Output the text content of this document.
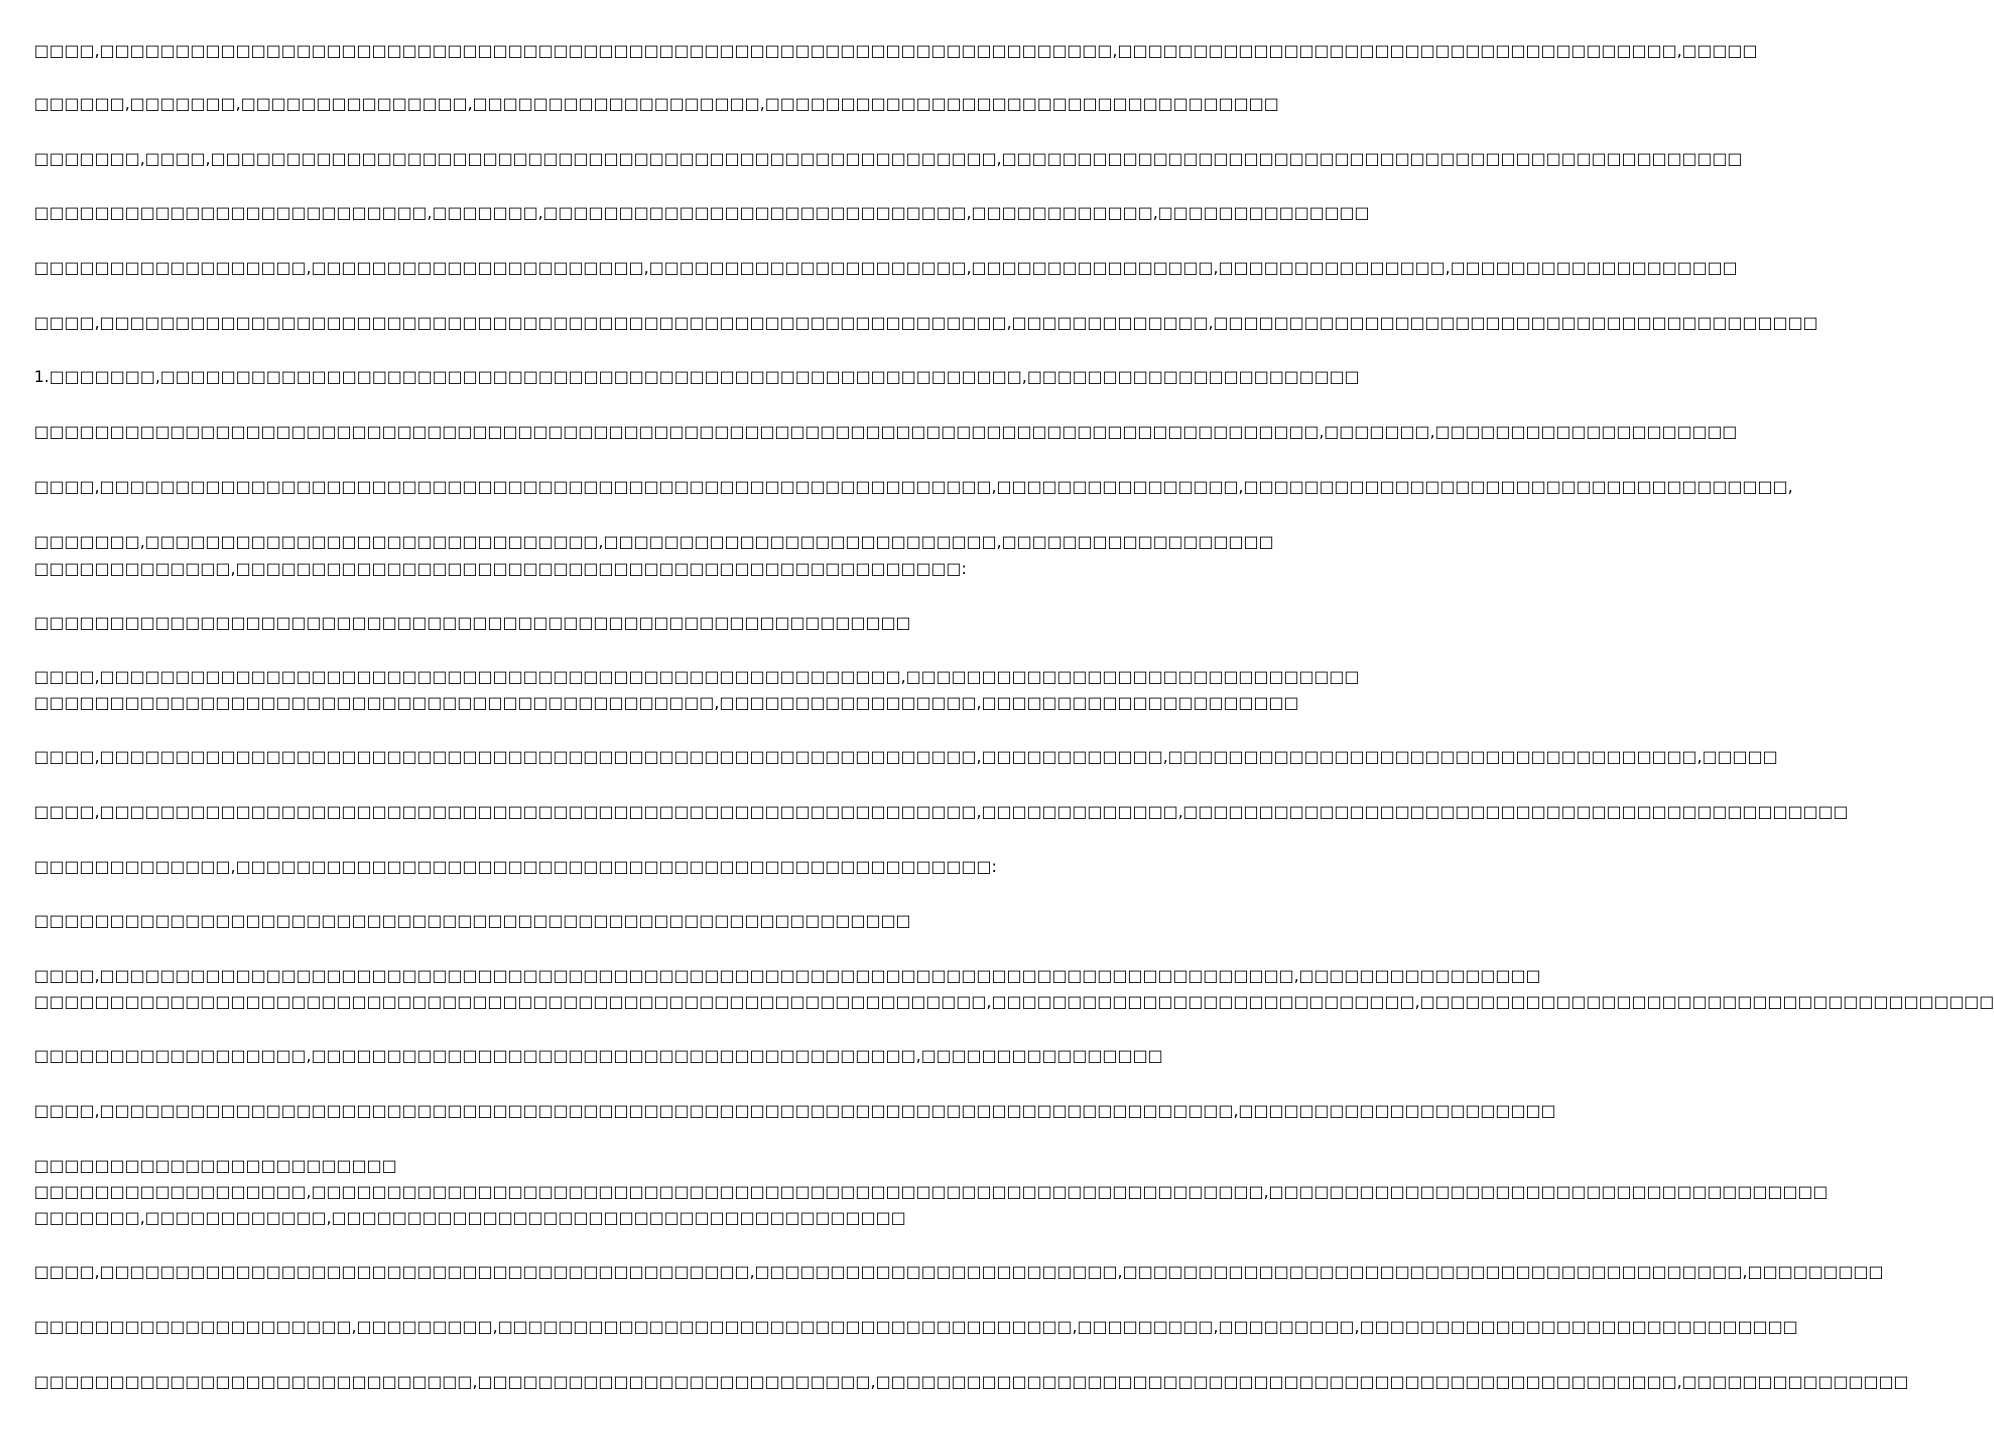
□□□□,□□□□□□□□□□□□□□□□□□□□□□□□□□□□□□□□□□□□□□□□□□□□□□□□□□□□□□□□□□□□□□□□□□□,□□□□□□□□□□□□□□□□□□□□□□□□□□□□□□□□□□□□□,□□□□□
□□□□□□,□□□□□□□,□□□□□□□□□□□□□□□,□□□□□□□□□□□□□□□□□□□,□□□□□□□□□□□□□□□□□□□□□□□□□□□□□□□□□□
□□□□□□□,□□□□,□□□□□□□□□□□□□□□□□□□□□□□□□□□□□□□□□□□□□□□□□□□□□□□□□□□□,□□□□□□□□□□□□□□□□□□□□□□□□□□□□□□□□□□□□□□□□□□□□□□□□□
□□□□□□□□□□□□□□□□□□□□□□□□□□,□□□□□□□,□□□□□□□□□□□□□□□□□□□□□□□□□□□□,□□□□□□□□□□□□,□□□□□□□□□□□□□□
□□□□□□□□□□□□□□□□□□,□□□□□□□□□□□□□□□□□□□□□□,□□□□□□□□□□□□□□□□□□□□□,□□□□□□□□□□□□□□□□,□□□□□□□□□□□□□□□,□□□□□□□□□□□□□□□□□□□
□□□□,□□□□□□□□□□□□□□□□□□□□□□□□□□□□□□□□□□□□□□□□□□□□□□□□□□□□□□□□□□□□,□□□□□□□□□□□□□,□□□□□□□□□□□□□□□□□□□□□□□□□□□□□□□□□□□□□□□□
1.□□□□□□□,□□□□□□□□□□□□□□□□□□□□□□□□□□□□□□□□□□□□□□□□□□□□□□□□□□□□□□□□□,□□□□□□□□□□□□□□□□□□□□□□
□□□□□□□□□□□□□□□□□□□□□□□□□□□□□□□□□□□□□□□□□□□□□□□□□□□□□□□□□□□□□□□□□□□□□□□□□□□□□□□□□□□□□,□□□□□□□,□□□□□□□□□□□□□□□□□□□□
□□□□,□□□□□□□□□□□□□□□□□□□□□□□□□□□□□□□□□□□□□□□□□□□□□□□□□□□□□□□□□□□,□□□□□□□□□□□□□□□□,□□□□□□□□□□□□□□□□□□□□□□□□□□□□□□□□□□□□,
□□□□□□□,□□□□□□□□□□□□□□□□□□□□□□□□□□□□□□,□□□□□□□□□□□□□□□□□□□□□□□□□□,□□□□□□□□□□□□□□□□□□
□□□□□□□□□□□□□,□□□□□□□□□□□□□□□□□□□□□□□□□□□□□□□□□□□□□□□□□□□□□□□□:
□□□□□□□□□□□□□□□□□□□□□□□□□□□□□□□□□□□□□□□□□□□□□□□□□□□□□□□□□□
□□□□,□□□□□□□□□□□□□□□□□□□□□□□□□□□□□□□□□□□□□□□□□□□□□□□□□□□□□,□□□□□□□□□□□□□□□□□□□□□□□□□□□□□□
□□□□□□□□□□□□□□□□□□□□□□□□□□□□□□□□□□□□□□□□□□□□□,□□□□□□□□□□□□□□□□□,□□□□□□□□□□□□□□□□□□□□□
□□□□,□□□□□□□□□□□□□□□□□□□□□□□□□□□□□□□□□□□□□□□□□□□□□□□□□□□□□□□□□□,□□□□□□□□□□□□,□□□□□□□□□□□□□□□□□□□□□□□□□□□□□□□□□□□,□□□□□
□□□□,□□□□□□□□□□□□□□□□□□□□□□□□□□□□□□□□□□□□□□□□□□□□□□□□□□□□□□□□□□,□□□□□□□□□□□□□,□□□□□□□□□□□□□□□□□□□□□□□□□□□□□□□□□□□□□□□□□□□□
□□□□□□□□□□□□□,□□□□□□□□□□□□□□□□□□□□□□□□□□□□□□□□□□□□□□□□□□□□□□□□□□:
□□□□□□□□□□□□□□□□□□□□□□□□□□□□□□□□□□□□□□□□□□□□□□□□□□□□□□□□□□
□□□□,□□□□□□□□□□□□□□□□□□□□□□□□□□□□□□□□□□□□□□□□□□□□□□□□□□□□□□□□□□□□□□□□□□□□□□□□□□□□□□□,□□□□□□□□□□□□□□□□
□□□□□□□□□□□□□□□□□□□□□□□□□□□□□□□□□□□□□□□□□□□□□□□□□□□□□□□□□□□□□□□,□□□□□□□□□□□□□□□□□□□□□□□□□□□□,□□□□□□□□□□□□□□□□□□□□□□□□□□□□□□□□□□□□□□
□□□□□□□□□□□□□□□□□□,□□□□□□□□□□□□□□□□□□□□□□□□□□□□□□□□□□□□□□□□,□□□□□□□□□□□□□□□□
□□□□,□□□□□□□□□□□□□□□□□□□□□□□□□□□□□□□□□□□□□□□□□□□□□□□□□□□□□□□□□□□□□□□□□□□□□□□□□□□,□□□□□□□□□□□□□□□□□□□□□
□□□□□□□□□□□□□□□□□□□□□□□□
□□□□□□□□□□□□□□□□□□,□□□□□□□□□□□□□□□□□□□□□□□□□□□□□□□□□□□□□□□□□□□□□□□□□□□□□□□□□□□□□□□,□□□□□□□□□□□□□□□□□□□□□□□□□□□□□□□□□□□□□
□□□□□□□,□□□□□□□□□□□□,□□□□□□□□□□□□□□□□□□□□□□□□□□□□□□□□□□□□□□
□□□□,□□□□□□□□□□□□□□□□□□□□□□□□□□□□□□□□□□□□□□□□□□□,□□□□□□□□□□□□□□□□□□□□□□□□,□□□□□□□□□□□□□□□□□□□□□□□□□□□□□□□□□□□□□□□□□,□□□□□□□□□
□□□□□□□□□□□□□□□□□□□□□,□□□□□□□□□,□□□□□□□□□□□□□□□□□□□□□□□□□□□□□□□□□□□□□□,□□□□□□□□□,□□□□□□□□□,□□□□□□□□□□□□□□□□□□□□□□□□□□□□□
□□□□□□□□□□□□□□□□□□□□□□□□□□□□□,□□□□□□□□□□□□□□□□□□□□□□□□□□,□□□□□□□□□□□□□□□□□□□□□□□□□□□□□□□□□□□□□□□□□□□□□□□□□□□□□,□□□□□□□□□□□□□□□
